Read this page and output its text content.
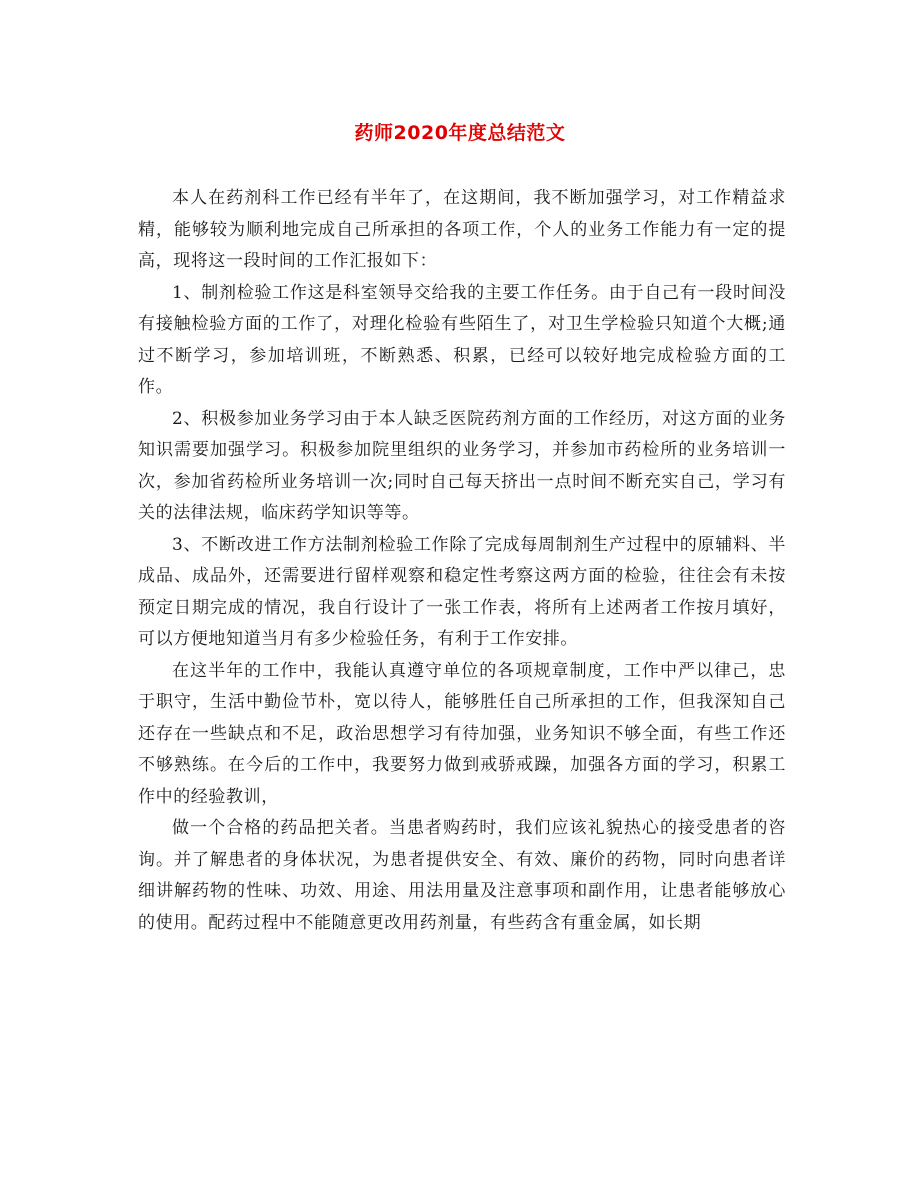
药师2020年度总结范文

本人在药剂科工作已经有半年了，在这期间，我不断加强学习，对工作精益求精，能够较为顺利地完成自己所承担的各项工作，个人的业务工作能力有一定的提高，现将这一段时间的工作汇报如下：

1、制剂检验工作这是科室领导交给我的主要工作任务。由于自己有一段时间没有接触检验方面的工作了，对理化检验有些陌生了，对卫生学检验只知道个大概;通过不断学习，参加培训班，不断熟悉、积累，已经可以较好地完成检验方面的工作。

2、积极参加业务学习由于本人缺乏医院药剂方面的工作经历，对这方面的业务知识需要加强学习。积极参加院里组织的业务学习，并参加市药检所的业务培训一次，参加省药检所业务培训一次;同时自己每天挤出一点时间不断充实自己，学习有关的法律法规，临床药学知识等等。

3、不断改进工作方法制剂检验工作除了完成每周制剂生产过程中的原辅料、半成品、成品外，还需要进行留样观察和稳定性考察这两方面的检验，往往会有未按预定日期完成的情况，我自行设计了一张工作表，将所有上述两者工作按月填好，可以方便地知道当月有多少检验任务，有利于工作安排。

在这半年的工作中，我能认真遵守单位的各项规章制度，工作中严以律己，忠于职守，生活中勤俭节朴，宽以待人，能够胜任自己所承担的工作，但我深知自己还存在一些缺点和不足，政治思想学习有待加强，业务知识不够全面，有些工作还不够熟练。在今后的工作中，我要努力做到戒骄戒躁，加强各方面的学习，积累工作中的经验教训，

做一个合格的药品把关者。当患者购药时，我们应该礼貌热心的接受患者的咨询。并了解患者的身体状况，为患者提供安全、有效、廉价的药物，同时向患者详细讲解药物的性味、功效、用途、用法用量及注意事项和副作用，让患者能够放心的使用。配药过程中不能随意更改用药剂量，有些药含有重金属，如长期
